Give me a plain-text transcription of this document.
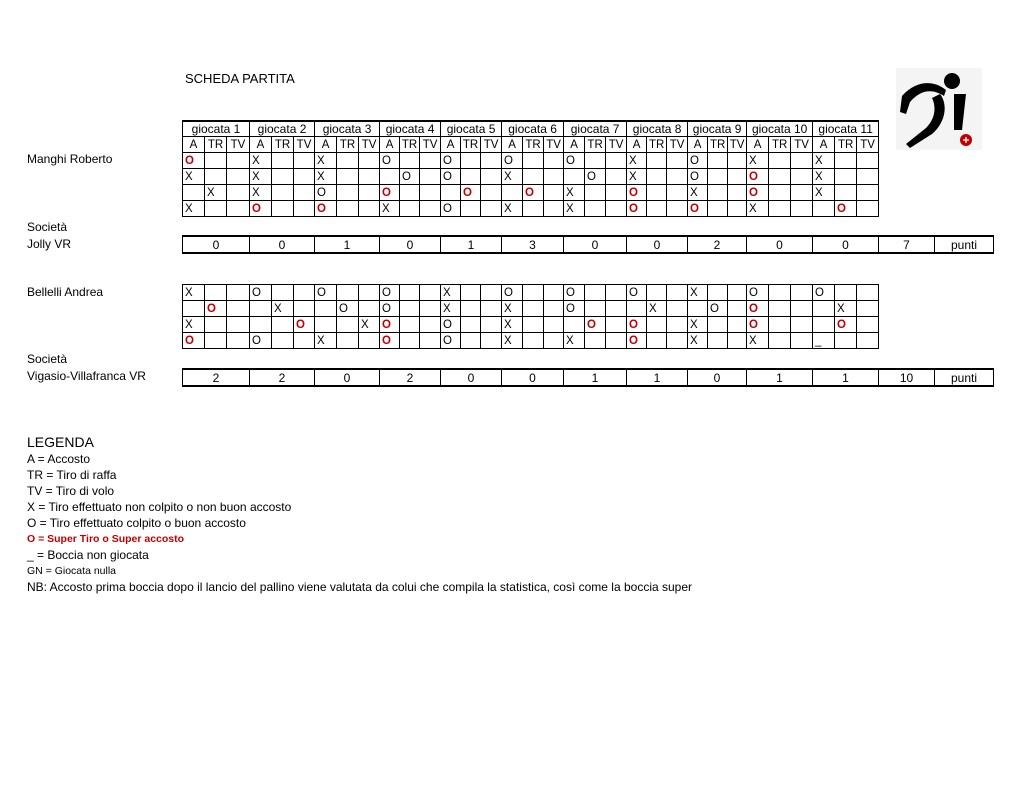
SCHEDA PARTITA
Manghi Roberto
Società
Jolly VR
giocata 1			giocata 2			giocata 3			giocata 4			giocata 5			giocata 6			giocata 7			giocata 8			giocata 9			giocata 10			giocata 11		
A	TR	TV	A	TR	TV	A	TR	TV	A	TR	TV	A	TR	TV	A	TR	TV	A	TR	TV	A	TR	TV	A	TR	TV	A	TR	TV	A	TR	TV
O			X			X			O			O			O			O			X			O			X			X		
X			X			X				O		O			X				O		X			O			O			X		
	X		X			O			O				O			O		X			O			X			O			X		
X			O			O			X			O			X			X			O			O			X				O	
0	0	1	0	1	3	0	0	2	0	0	7	punti
Bellelli Andrea
Società
Vigasio-Villafranca VR
X			O			O			O			X			O			O			O			X			O			O		
	O			X			O		O			X			X			O				X			O		O				X	
X					O			X	O			O			X				O		O			X			O				O	
O			O			X			O			O			X			X			O			X			X			_		
2	2	0	2	0	0	1	1	0	1	1	10	punti
LEGENDA
A = Accosto
TR = Tiro di raffa
TV = Tiro di volo
X = Tiro effettuato non colpito o non buon accosto
O = Tiro effettuato colpito o buon accosto
O = Super Tiro o Super accosto
_ = Boccia non giocata
GN = Giocata nulla
NB: Accosto prima boccia dopo il lancio del pallino viene valutata da colui che compila la statistica, così come la boccia super
